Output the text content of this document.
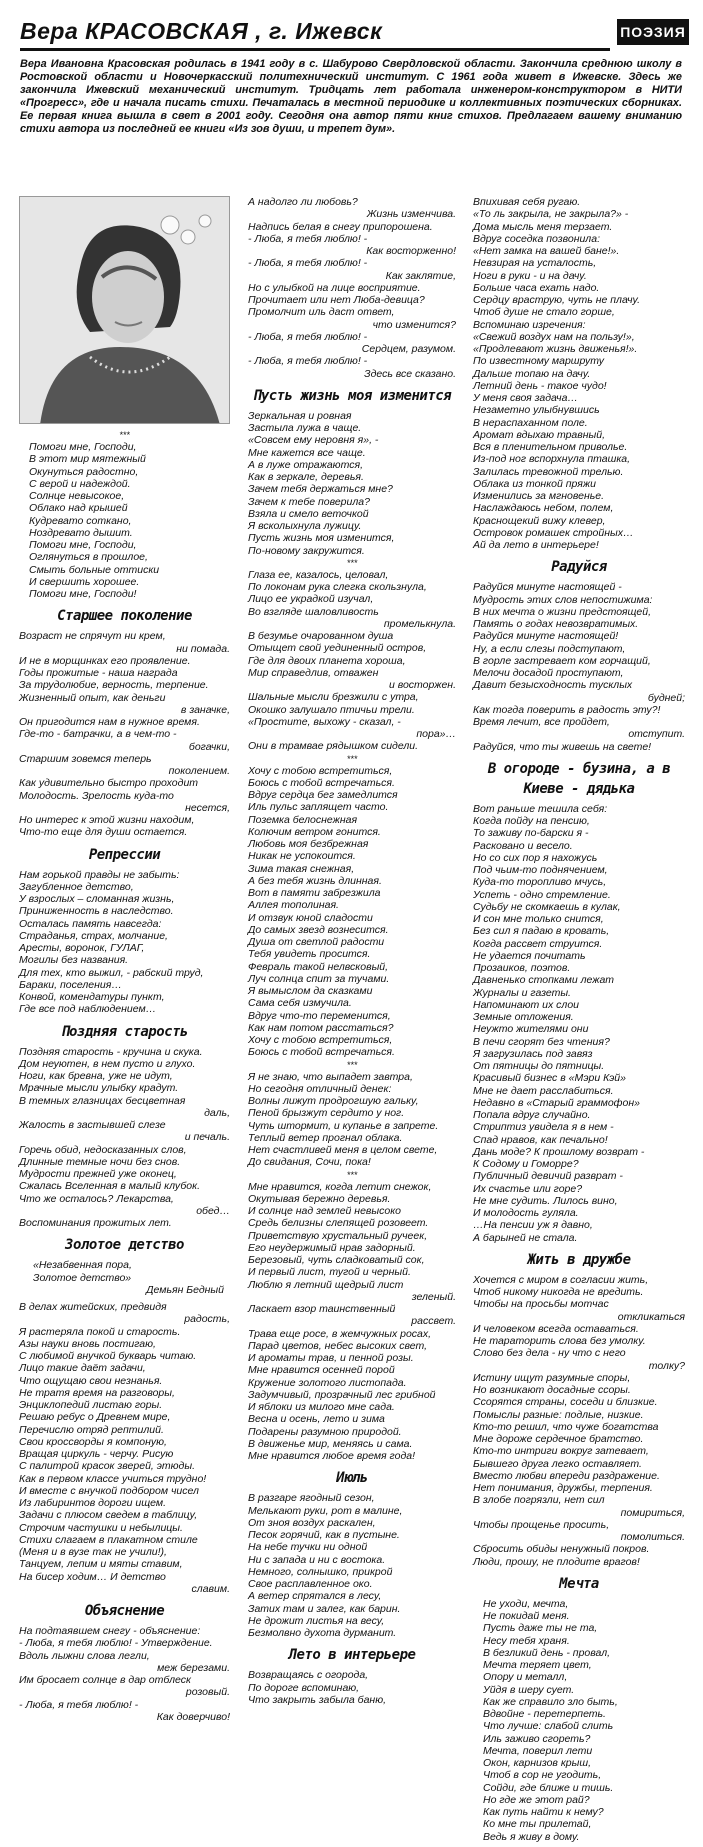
Вера КРАСОВСКАЯ , г. Ижевск	ПОЭЗИЯ
Вера Ивановна Красовская родилась в 1941 году в с. Шабурово Свердловской области. Закончила среднюю школу в Ростовской области и Новочеркасский политехнический институт. С 1961 года живет в Ижевске. Здесь же закончила Ижевский механический институт. Тридцать лет работала инженером-конструктором в НИТИ «Прогресс», где и начала писать стихи. Печаталась в местной периодике и коллективных поэтических сборниках. Ее первая книга вышла в свет в 2001 году. Сегодня она автор пяти книг стихов. Предлагаем вашему вниманию стихи автора из последней ее книги «Из зов души, и трепет дум».

***

Помоги мне, Господи,

В этот мир мятежный

Окунуться радостно,

С верой и надеждой.

Солнце невысокое,

Облако над крышей

Кудревато соткано,

Ноздревато дышит.

Помоги мне, Господи,

Оглянуться в прошлое,

Смыть больные оттиски

И свершить хорошее.

Помоги мне, Господи!

Старшее поколение

Возраст не спрячут ни крем,

ни помада.

И не в морщинках его проявление.

Годы прожитые - наша награда

За трудолюбие, верность, терпение.

Жизненный опыт, как деньги

в заначке,

Он пригодится нам в нужное время.

Где-то - батрачки, а в чем-то -

богачки,

Старшим зовемся теперь

поколением.

Как удивительно быстро проходит

Молодость. Зрелость куда-то

несется,

Но интерес к этой жизни находим,

Что-то еще для души остается.

Репрессии

Нам горькой правды не забыть:

Загубленное детство,

У взрослых – сломанная жизнь,

Приниженность в наследство.

Осталась память навсегда:

Страданья, страх, молчание,

Аресты, воронок, ГУЛАГ,

Могилы без названия.

Для тех, кто выжил, - рабский труд,

Бараки, поселения…

Конвой, комендатуры пункт,

Где все под наблюдением…

Поздняя старость

Поздняя старость - кручина и скука.

Дом неуютен, в нем пусто и глухо.

Ноги, как бревна, уже не идут,

Мрачные мысли улыбку крадут.

В темных глазницах бесцветная

даль,

Жалость в застывшей слезе

и печаль.

Горечь обид, недосказанных слов,

Длинные темные ночи без снов.

Мудрости прежней уже оконец,

Сжалась Вселенная в малый клубок.

Что же осталось? Лекарства,

обед…

Воспоминания прожитых лет.

Золотое детство

«Незабвенная пора,

Золотое детство»

Демьян Бедный

В делах житейских, предвидя

радость,

Я растеряла покой и старость.

Азы науки вновь постигаю,

С любимой внучкой букварь читаю.

Лицо такие даёт задачи,

Что ощущаю свои незнанья.

Не тратя время на разговоры,

Энциклопедий листаю горы.

Решаю ребус о Древнем мире,

Перечислю отряд рептилий.

Свои кроссворды я компоную,

Вращая циркуль - черчу. Рисую

С палитрой красок зверей, этюды.

Как в первом классе учиться трудно!

И вместе с внучкой подбором чисел

Из лабиринтов дороги ищем.

Задачи с плюсом сведем в таблицу,

Строчим частушки и небылицы.

Стихи слагаем в плакатном стиле

(Меня и в вузе так не учили!),

Танцуем, лепим и мяты ставим,

На бисер ходим… И детство

славим.

Объяснение

На подтаявшем снегу - объяснение:

- Люба, я тебя люблю! - Утверждение.

Вдоль лыжни слова легли,

меж березами.

Им бросает солнце в дар отблеск

розовый.

- Люба, я тебя люблю! -

Как доверчиво!

А надолго ли любовь?

Жизнь изменчива.

Надпись белая в снегу припорошена.

- Люба, я тебя люблю! -

Как восторженно!

- Люба, я тебя люблю! -

Как заклятие,

Но с улыбкой на лице восприятие.

Прочитает или нет Люба-девица?

Промолчит иль даст ответ,

что изменится?

- Люба, я тебя люблю! -

Сердцем, разумом.

- Люба, я тебя люблю! -

Здесь все сказано.

Пусть жизнь моя изменится

Зеркальная и ровная

Застыла лужа в чаще.

«Совсем ему неровня я», -

Мне кажется все чаще.

А в луже отражаются,

Как в зеркале, деревья.

Зачем тебя держаться мне?

Зачем к тебе поверила?

Взяла и смело веточкой

Я всколыхнула лужицу.

Пусть жизнь моя изменится,

По-новому закружится.

***

Глаза ее, казалось, целовал,

По локонам рука слегка скользнула,

Лицо ее украдкой изучал,

Во взгляде шаловливость

промелькнула.

В безумье очарованном душа

Отыщет свой уединенный остров,

Где для двоих планета хороша,

Мир справедлив, отважен

и восторжен.

Шальные мысли брезжили с утра,

Окошко залушало птичьи трели.

«Простите, выхожу - сказал, -

пора»…

Они в трамвае рядышком сидели.

***

Хочу с тобою встретиться,

Боюсь с тобой встречаться.

Вдруг сердца бег замедлится

Иль пульс заплящет часто.

Поземка белоснежная

Колючим ветром гонится.

Любовь моя безбрежная

Никак не успокоится.

Зима такая снежная,

А без тебя жизнь длинная.

Вот в памяти забрезжила

Аллея тополиная.

И отзвук юной сладости

До самых звезд вознесится.

Душа от светлой радости

Тебя увидеть просится.

Февраль такой нелвсковый,

Луч солнца спит за тучами.

Я вымыслом да сказками

Сама себя измучила.

Вдруг что-то переменится,

Как нам потом расстаться?

Хочу с тобою встретиться,

Боюсь с тобой встречаться.

***

Я не знаю, что выпадет завтра,

Но сегодня отличный денек:

Волны лижут продрогшую гальку,

Пеной брызжут сердито у ног.

Чуть штормит, и купанье в запрете.

Теплый ветер прогнал облака.

Нет счастливей меня в целом свете,

До свидания, Сочи, пока!

***

Мне нравится, когда летит снежок,

Окутывая бережно деревья.

И солнце над землей невысоко

Средь белизны слепящей розовеет.

Приветствую хрустальный ручеек,

Его неудержимый нрав задорный.

Березовый, чуть сладковатый сок,

И первый лист, тугой и черный.

Люблю я летний щедрый лист

зеленый.

Ласкает взор таинственный

рассвет.

Трава еще росе, в жемчужных росах,

Парад цветов, небес высоких свет,

И ароматы трав, и пенной розы.

Мне нравится осенней порой

Кружение золотого листопада.

Задумчивый, прозрачный лес грибной

И яблоки из милого мне сада.

Весна и осень, лето и зима

Подарены разумною природой.

В движенье мир, меняясь и сама.

Мне нравится любое время года!

Июль

В разгаре ягодный сезон,

Мелькают руки, рот в малине,

От зноя воздух раскален,

Песок горячий, как в пустыне.

На небе тучки ни одной

Ни с запада и ни с востока.

Немного, солнышко, прикрой

Свое расплавленное око.

А ветер спрятался в лесу,

Затих там и залег, как барин.

Не дрожит листья на весу,

Безмолвно духота дурманит.

Лето в интерьере

Возвращаясь с огорода,

По дороге вспоминаю,

Что закрыть забыла баню,

Впихивая себя ругаю.

«То ль закрыла, не закрыла?» -

Дома мысль меня терзает.

Вдруг соседка позвонила:

«Нет замка на вашей бане!».

Невзирая на усталость,

Ноги в руки - и на дачу.

Больше часа ехать надо.

Сердцу враструю, чуть не плачу.

Чтоб душе не стало горше,

Вспоминаю изречения:

«Свежий воздух нам на пользу!»,

«Продлевают жизнь движенья!».

По известному маршруту

Дальше топаю на дачу.

Летний день - такое чудо!

У меня своя задача…

Незаметно улыбнувшись

В нераспаханном поле.

Аромат вдыхаю травный,

Вся в пленительном приволье.

Из-под ног вспорхнула пташка,

Залилась тревожной трелью.

Облака из тонкой пряжи

Изменились за мгновенье.

Наслаждаюсь небом, полем,

Краснощекий вижу клевер,

Островок ромашек стройных…

Ай да лето в интерьере!

Радуйся

Радуйся минуте настоящей -

Мудрость этих слов непостижима:

В них мечта о жизни предстоящей,

Память о годах невозвратимых.

Радуйся минуте настоящей!

Ну, а если слезы подступают,

В горле застревает ком горчащий,

Мелочи досадой проступают,

Давит безысходность тусклых

будней;

Как тогда поверить в радость эту?!

Время лечит, все пройдет,

отступит.

Радуйся, что ты живешь на свете!

В огороде - бузина, а в Киеве - дядька

Вот раньше тешила себя:

Когда пойду на пенсию,

То заживу по-барски я -

Расковано и весело.

Но со сих пор я нахожусь

Под чьим-то поднячением,

Куда-то торопливо мчусь,

Успеть - одно стремление.

Судьбу не скомкаешь в кулак,

И сон мне только снится,

Без сил я падаю в кровать,

Когда рассвет струится.

Не удается почитать

Прозаиков, поэтов.

Давненько стопками лежат

Журналы и газеты.

Напоминают их слои

Земные отложения.

Неужто жителями они

В печи сгорят без чтения?

Я загрузилась под завяз

От пятницы до пятницы.

Красивый бизнес в «Мэри Кэй»

Мне не дает расслабиться.

Недавно в «Старый граммофон»

Попала вдруг случайно.

Стриптиз увидела я в нем -

Спад нравов, как печально!

Дань моде? К прошлому возврат -

К Содому и Гоморре?

Публичный девичий разврат -

Их счастье или горе?

Не мне судить. Лилось вино,

И молодость гуляла.

…На пенсии уж я давно,

А барыней не стала.

Жить в дружбе

Хочется с миром в согласии жить,

Чтоб никому никогда не вредить.

Чтобы на просьбы мотчас

откликаться

И человеком всегда оставаться.

Не тараторить слова без умолку.

Слово без дела - ну что с него

толку?

Истину ищут разумные споры,

Но возникают досадные ссоры.

Ссорятся страны, соседи и близкие.

Помыслы разные: подлые, низкие.

Кто-то решил, что чуже богатства

Мне дороже сердечное братство.

Кто-то интриги вокруг затевает,

Бывшего друга легко оставляет.

Вместо любви впереди раздражение.

Нет понимания, дружбы, терпения.

В злобе погрязли, нет сил

помириться,

Чтобы прощенье просить,

помолиться.

Сбросить обиды ненужный покров.

Люди, прошу, не плодите врагов!

Мечта

Не уходи, мечта,

Не покидай меня.

Пусть даже ты не та,

Несу тебя храня.

В безликий день - провал,

Мечта теряет цвет,

Опору и металл,

Уйдя в шеру сует.

Как же справило зло быть,

Вдвойне - перетерпеть.

Что лучше: слабой слить

Иль заживо сгореть?

Мечта, поверил лети

Окон, карнизов крыш,

Чтоб в сор не угодить,

Сойди, где ближе и тишь.

Но где же этот рай?

Как путь найти к нему?

Ко мне ты прилетай,

Ведь я живу в дому.
